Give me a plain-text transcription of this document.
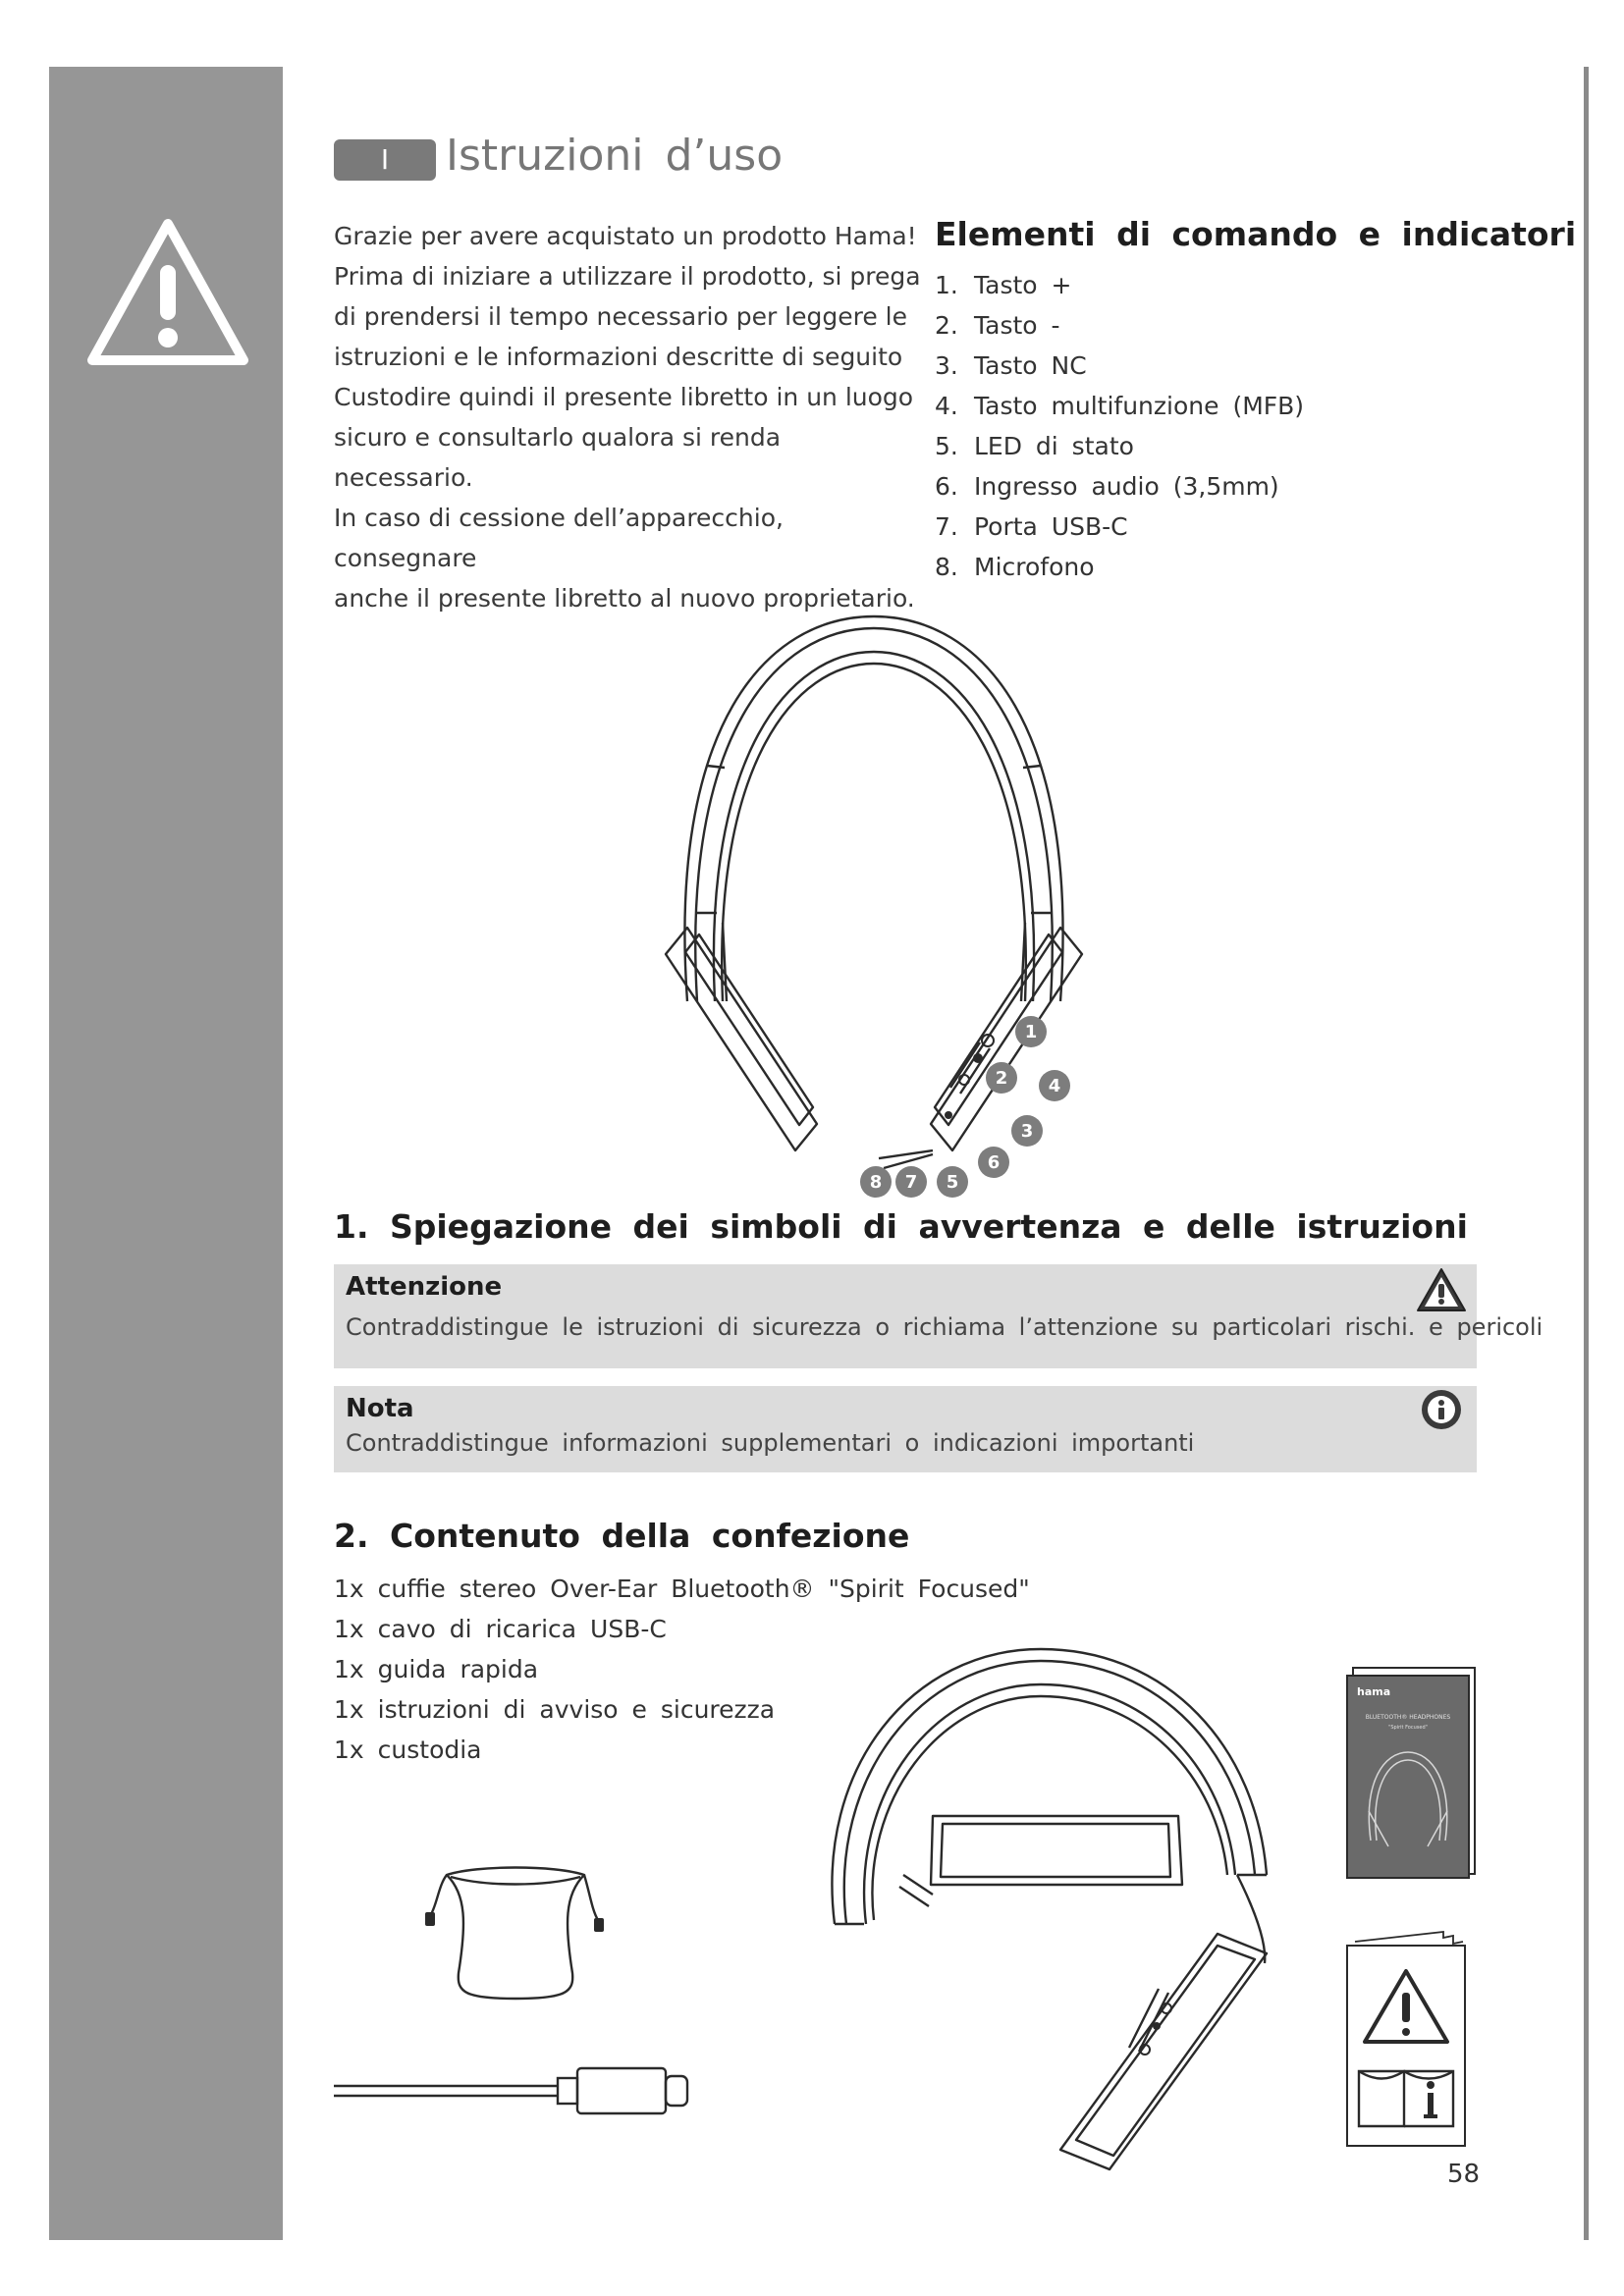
I	Istruzioni d’uso

Grazie per avere acquistato un prodotto Hama!

Prima di iniziare a utilizzare il prodotto, si prega

di prendersi il tempo necessario per leggere le

istruzioni e le informazioni descritte di seguito

Custodire quindi il presente libretto in un luogo

sicuro e consultarlo qualora si renda necessario.

In caso di cessione dell’apparecchio, consegnare

anche il presente libretto al nuovo proprietario.

Elementi di comando e indicatori
1. Tasto +
2. Tasto -
3. Tasto NC
4. Tasto multifunzione (MFB)
5. LED di stato
6. Ingresso audio (3,5mm)
7. Porta USB-C
8. Microfono
1
2 4
3
6
8 7 5
1. Spiegazione dei simboli di avvertenza e delle istruzioni
Attenzione
Contraddistingue le istruzioni di sicurezza o richiama l’attenzione su particolari rischi. e pericoli
Nota
Contraddistingue informazioni supplementari o indicazioni importanti
2. Contenuto della confezione
1x cuffie stereo Over-Ear Bluetooth® "Spirit Focused"
1x cavo di ricarica USB-C
1x guida rapida
1x istruzioni di avviso e sicurezza
1x custodia
hama
BLUETOOTH® HEADPHONES
"Spirit Focused"
58
